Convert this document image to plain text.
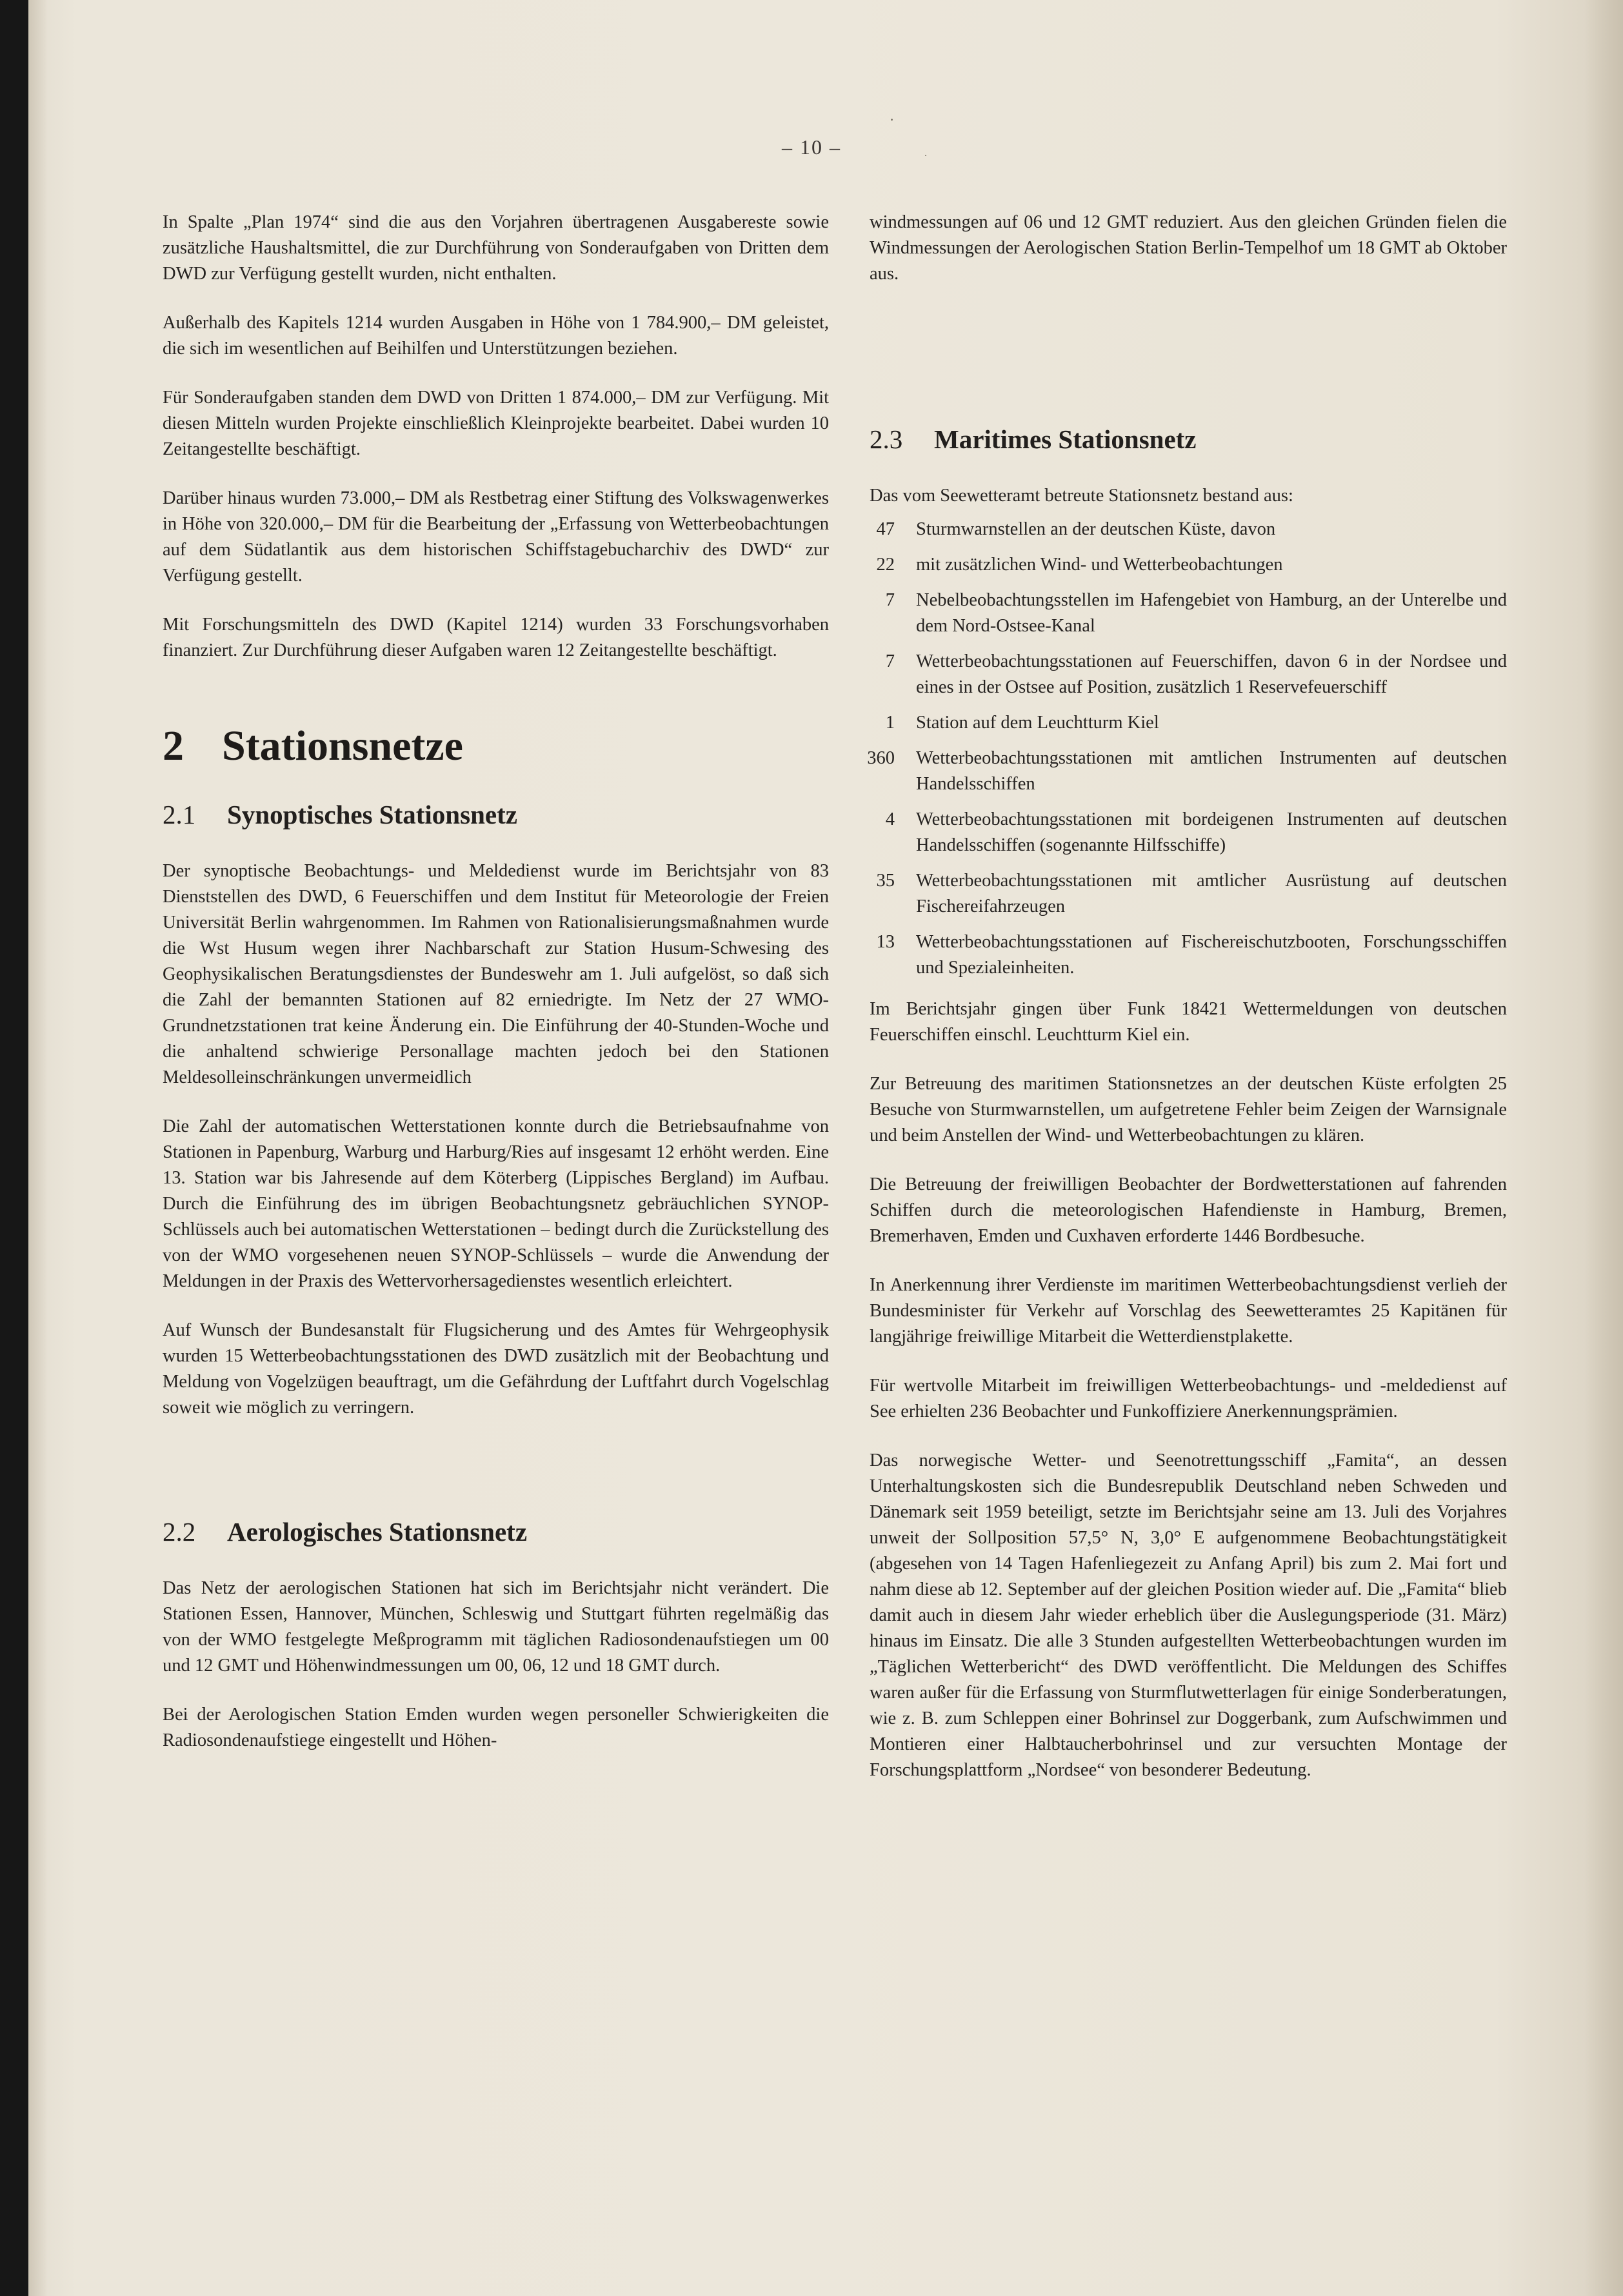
– 10 –

In Spalte „Plan 1974“ sind die aus den Vorjahren übertragenen Ausgabereste sowie zusätzliche Haushaltsmittel, die zur Durchführung von Sonderaufgaben von Dritten dem DWD zur Verfügung gestellt wurden, nicht enthalten.

Außerhalb des Kapitels 1214 wurden Ausgaben in Höhe von 1 784.900,– DM geleistet, die sich im wesentlichen auf Beihilfen und Unterstützungen beziehen.

Für Sonderaufgaben standen dem DWD von Dritten 1 874.000,– DM zur Verfügung. Mit diesen Mitteln wurden Projekte einschließlich Kleinprojekte bearbeitet. Dabei wurden 10 Zeitangestellte beschäftigt.

Darüber hinaus wurden 73.000,– DM als Restbetrag einer Stiftung des Volkswagenwerkes in Höhe von 320.000,– DM für die Bearbeitung der „Erfassung von Wetterbeobachtungen auf dem Südatlantik aus dem historischen Schiffstagebucharchiv des DWD“ zur Verfügung gestellt.

Mit Forschungsmitteln des DWD (Kapitel 1214) wurden 33 Forschungsvorhaben finanziert. Zur Durchführung dieser Aufgaben waren 12 Zeitangestellte beschäftigt.

2 Stationsnetze
2.1 Synoptisches Stationsnetz

Der synoptische Beobachtungs- und Meldedienst wurde im Berichtsjahr von 83 Dienststellen des DWD, 6 Feuerschiffen und dem Institut für Meteorologie der Freien Universität Berlin wahrgenommen. Im Rahmen von Rationalisierungsmaßnahmen wurde die Wst Husum wegen ihrer Nachbarschaft zur Station Husum-Schwesing des Geophysikalischen Beratungsdienstes der Bundeswehr am 1. Juli aufgelöst, so daß sich die Zahl der bemannten Stationen auf 82 erniedrigte. Im Netz der 27 WMO-Grundnetzstationen trat keine Änderung ein. Die Einführung der 40-Stunden-Woche und die anhaltend schwierige Personallage machten jedoch bei den Stationen Meldesolleinschränkungen unvermeidlich

Die Zahl der automatischen Wetterstationen konnte durch die Betriebsaufnahme von Stationen in Papenburg, Warburg und Harburg/Ries auf insgesamt 12 erhöht werden. Eine 13. Station war bis Jahresende auf dem Köterberg (Lippisches Bergland) im Aufbau. Durch die Einführung des im übrigen Beobachtungsnetz gebräuchlichen SYNOP-Schlüssels auch bei automatischen Wetterstationen – bedingt durch die Zurückstellung des von der WMO vorgesehenen neuen SYNOP-Schlüssels – wurde die Anwendung der Meldungen in der Praxis des Wettervorhersagedienstes wesentlich erleichtert.

Auf Wunsch der Bundesanstalt für Flugsicherung und des Amtes für Wehrgeophysik wurden 15 Wetterbeobachtungsstationen des DWD zusätzlich mit der Beobachtung und Meldung von Vogelzügen beauftragt, um die Gefährdung der Luftfahrt durch Vogelschlag soweit wie möglich zu verringern.

2.2 Aerologisches Stationsnetz

Das Netz der aerologischen Stationen hat sich im Berichtsjahr nicht verändert. Die Stationen Essen, Hannover, München, Schleswig und Stuttgart führten regelmäßig das von der WMO festgelegte Meßprogramm mit täglichen Radiosondenaufstiegen um 00 und 12 GMT und Höhenwindmessungen um 00, 06, 12 und 18 GMT durch.

Bei der Aerologischen Station Emden wurden wegen personeller Schwierigkeiten die Radiosondenaufstiege eingestellt und Höhen-

windmessungen auf 06 und 12 GMT reduziert. Aus den gleichen Gründen fielen die Windmessungen der Aerologischen Station Berlin-Tempelhof um 18 GMT ab Oktober aus.

2.3 Maritimes Stationsnetz

Das vom Seewetteramt betreute Stationsnetz bestand aus:

47	Sturmwarnstellen an der deutschen Küste, davon
22	mit zusätzlichen Wind- und Wetterbeobachtungen
7	Nebelbeobachtungsstellen im Hafengebiet von Hamburg, an der Unterelbe und dem Nord-Ostsee-Kanal
7	Wetterbeobachtungsstationen auf Feuerschiffen, davon 6 in der Nordsee und eines in der Ostsee auf Position, zusätzlich 1 Reservefeuerschiff
1	Station auf dem Leuchtturm Kiel
360	Wetterbeobachtungsstationen mit amtlichen Instrumenten auf deutschen Handelsschiffen
4	Wetterbeobachtungsstationen mit bordeigenen Instrumenten auf deutschen Handelsschiffen (sogenannte Hilfsschiffe)
35	Wetterbeobachtungsstationen mit amtlicher Ausrüstung auf deutschen Fischereifahrzeugen
13	Wetterbeobachtungsstationen auf Fischereischutzbooten, Forschungsschiffen und Spezialeinheiten.

Im Berichtsjahr gingen über Funk 18421 Wettermeldungen von deutschen Feuerschiffen einschl. Leuchtturm Kiel ein.

Zur Betreuung des maritimen Stationsnetzes an der deutschen Küste erfolgten 25 Besuche von Sturmwarnstellen, um aufgetretene Fehler beim Zeigen der Warnsignale und beim Anstellen der Wind- und Wetterbeobachtungen zu klären.

Die Betreuung der freiwilligen Beobachter der Bordwetterstationen auf fahrenden Schiffen durch die meteorologischen Hafendienste in Hamburg, Bremen, Bremerhaven, Emden und Cuxhaven erforderte 1446 Bordbesuche.

In Anerkennung ihrer Verdienste im maritimen Wetterbeobachtungsdienst verlieh der Bundesminister für Verkehr auf Vorschlag des Seewetteramtes 25 Kapitänen für langjährige freiwillige Mitarbeit die Wetterdienstplakette.

Für wertvolle Mitarbeit im freiwilligen Wetterbeobachtungs- und -meldedienst auf See erhielten 236 Beobachter und Funkoffiziere Anerkennungsprämien.

Das norwegische Wetter- und Seenotrettungsschiff „Famita“, an dessen Unterhaltungskosten sich die Bundesrepublik Deutschland neben Schweden und Dänemark seit 1959 beteiligt, setzte im Berichtsjahr seine am 13. Juli des Vorjahres unweit der Sollposition 57,5° N, 3,0° E aufgenommene Beobachtungstätigkeit (abgesehen von 14 Tagen Hafenliegezeit zu Anfang April) bis zum 2. Mai fort und nahm diese ab 12. September auf der gleichen Position wieder auf. Die „Famita“ blieb damit auch in diesem Jahr wieder erheblich über die Auslegungsperiode (31. März) hinaus im Einsatz. Die alle 3 Stunden aufgestellten Wetterbeobachtungen wurden im „Täglichen Wetterbericht“ des DWD veröffentlicht. Die Meldungen des Schiffes waren außer für die Erfassung von Sturmflutwetterlagen für einige Sonderberatungen, wie z. B. zum Schleppen einer Bohrinsel zur Doggerbank, zum Aufschwimmen und Montieren einer Halbtaucherbohrinsel und zur versuchten Montage der Forschungsplattform „Nordsee“ von besonderer Bedeutung.
